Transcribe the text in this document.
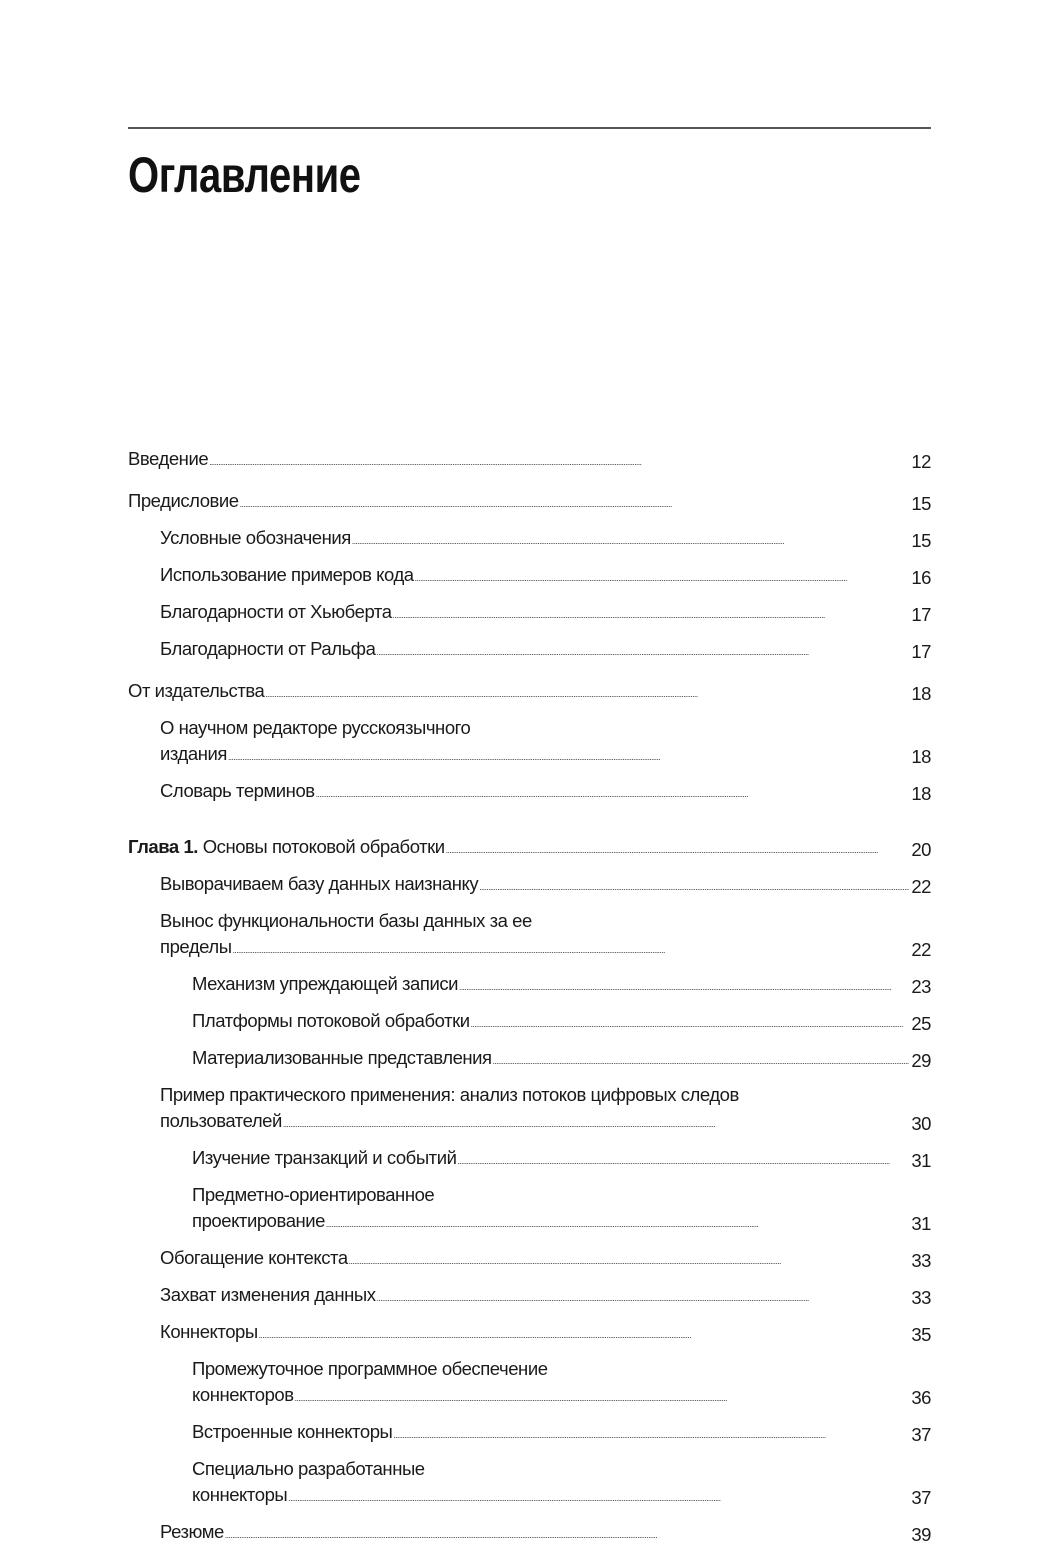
Оглавление
Введение . . .	12
Предисловие . . .	15
Условные обозначения . . .	15
Использование примеров кода . . .	16
Благодарности от Хьюберта . . .	17
Благодарности от Ральфа . . .	17
От издательства . . .	18
О научном редакторе русскоязычного издания . . .	18
Словарь терминов . . .	18
Глава 1. Основы потоковой обработки . . .	20
Выворачиваем базу данных наизнанку . . .	22
Вынос функциональности базы данных за ее пределы . . .	22
Механизм упреждающей записи . . .	23
Платформы потоковой обработки . . .	25
Материализованные представления . . .	29
Пример практического применения: анализ потоков цифровых следов пользователей . . .	30
Изучение транзакций и событий . . .	31
Предметно-ориентированное проектирование . . .	31
Обогащение контекста . . .	33
Захват изменения данных . . .	33
Коннекторы . . .	35
Промежуточное программное обеспечение коннекторов . . .	36
Встроенные коннекторы . . .	37
Специально разработанные коннекторы . . .	37
Резюме . . .	39
